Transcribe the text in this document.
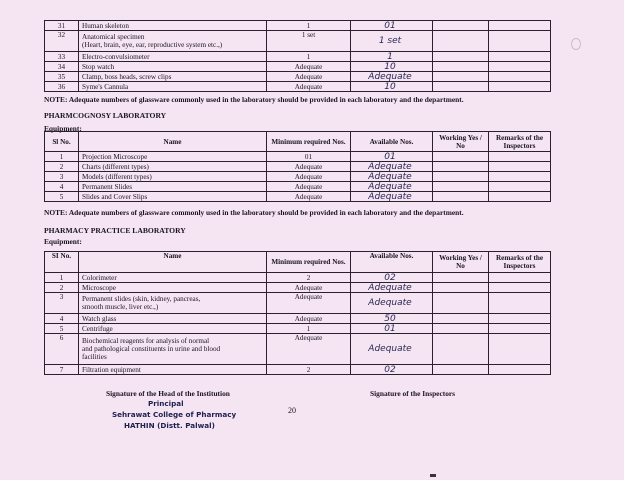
31	Human skeleton	1	01		
32	Anatomical specimen
(Heart, brain, eye, ear, reproductive system etc.,)	1 set	1 set		
33	Electro-convulsiometer	1	1		
34	Stop watch	Adequate	10		
35	Clamp, boss heads, screw clips	Adequate	Adequate		
36	Syme's Cannula	Adequate	10		
NOTE: Adequate numbers of glassware commonly used in the laboratory should be provided in each laboratory and the department.
PHARMCOGNOSY LABORATORY
Equipment:
Sl No.	Name	Minimum required Nos.	Available Nos.	Working Yes / No	Remarks of the Inspectors
1	Projection Microscope	01	01		
2	Charts (different types)	Adequate	Adequate		
3	Models (different types)	Adequate	Adequate		
4	Permanent Slides	Adequate	Adequate		
5	Slides and Cover Slips	Adequate	Adequate		
NOTE: Adequate numbers of glassware commonly used in the laboratory should be provided in each laboratory and the department.
PHARMACY PRACTICE LABORATORY
Equipment:
SI No.	Name	Minimum required Nos.	Available Nos.	Working Yes / No	Remarks of the Inspectors
1	Colorimeter	2	02		
2	Microscope	Adequate	Adequate		
3	Permanent slides (skin, kidney, pancreas,
smooth muscle, liver etc.,)	Adequate	Adequate		
4	Watch glass	Adequate	50		
5	Centrifuge	1	01		
6	Biochemical reagents for analysis of normal
and pathological constituents in urine and blood
facilities	Adequate	Adequate		
7	Filtration equipment	2	02		
Signature of the Head of the Institution	Signature of the Inspectors
Principal
Sehrawat College of Pharmacy
HATHIN (Distt. Palwal)
20
